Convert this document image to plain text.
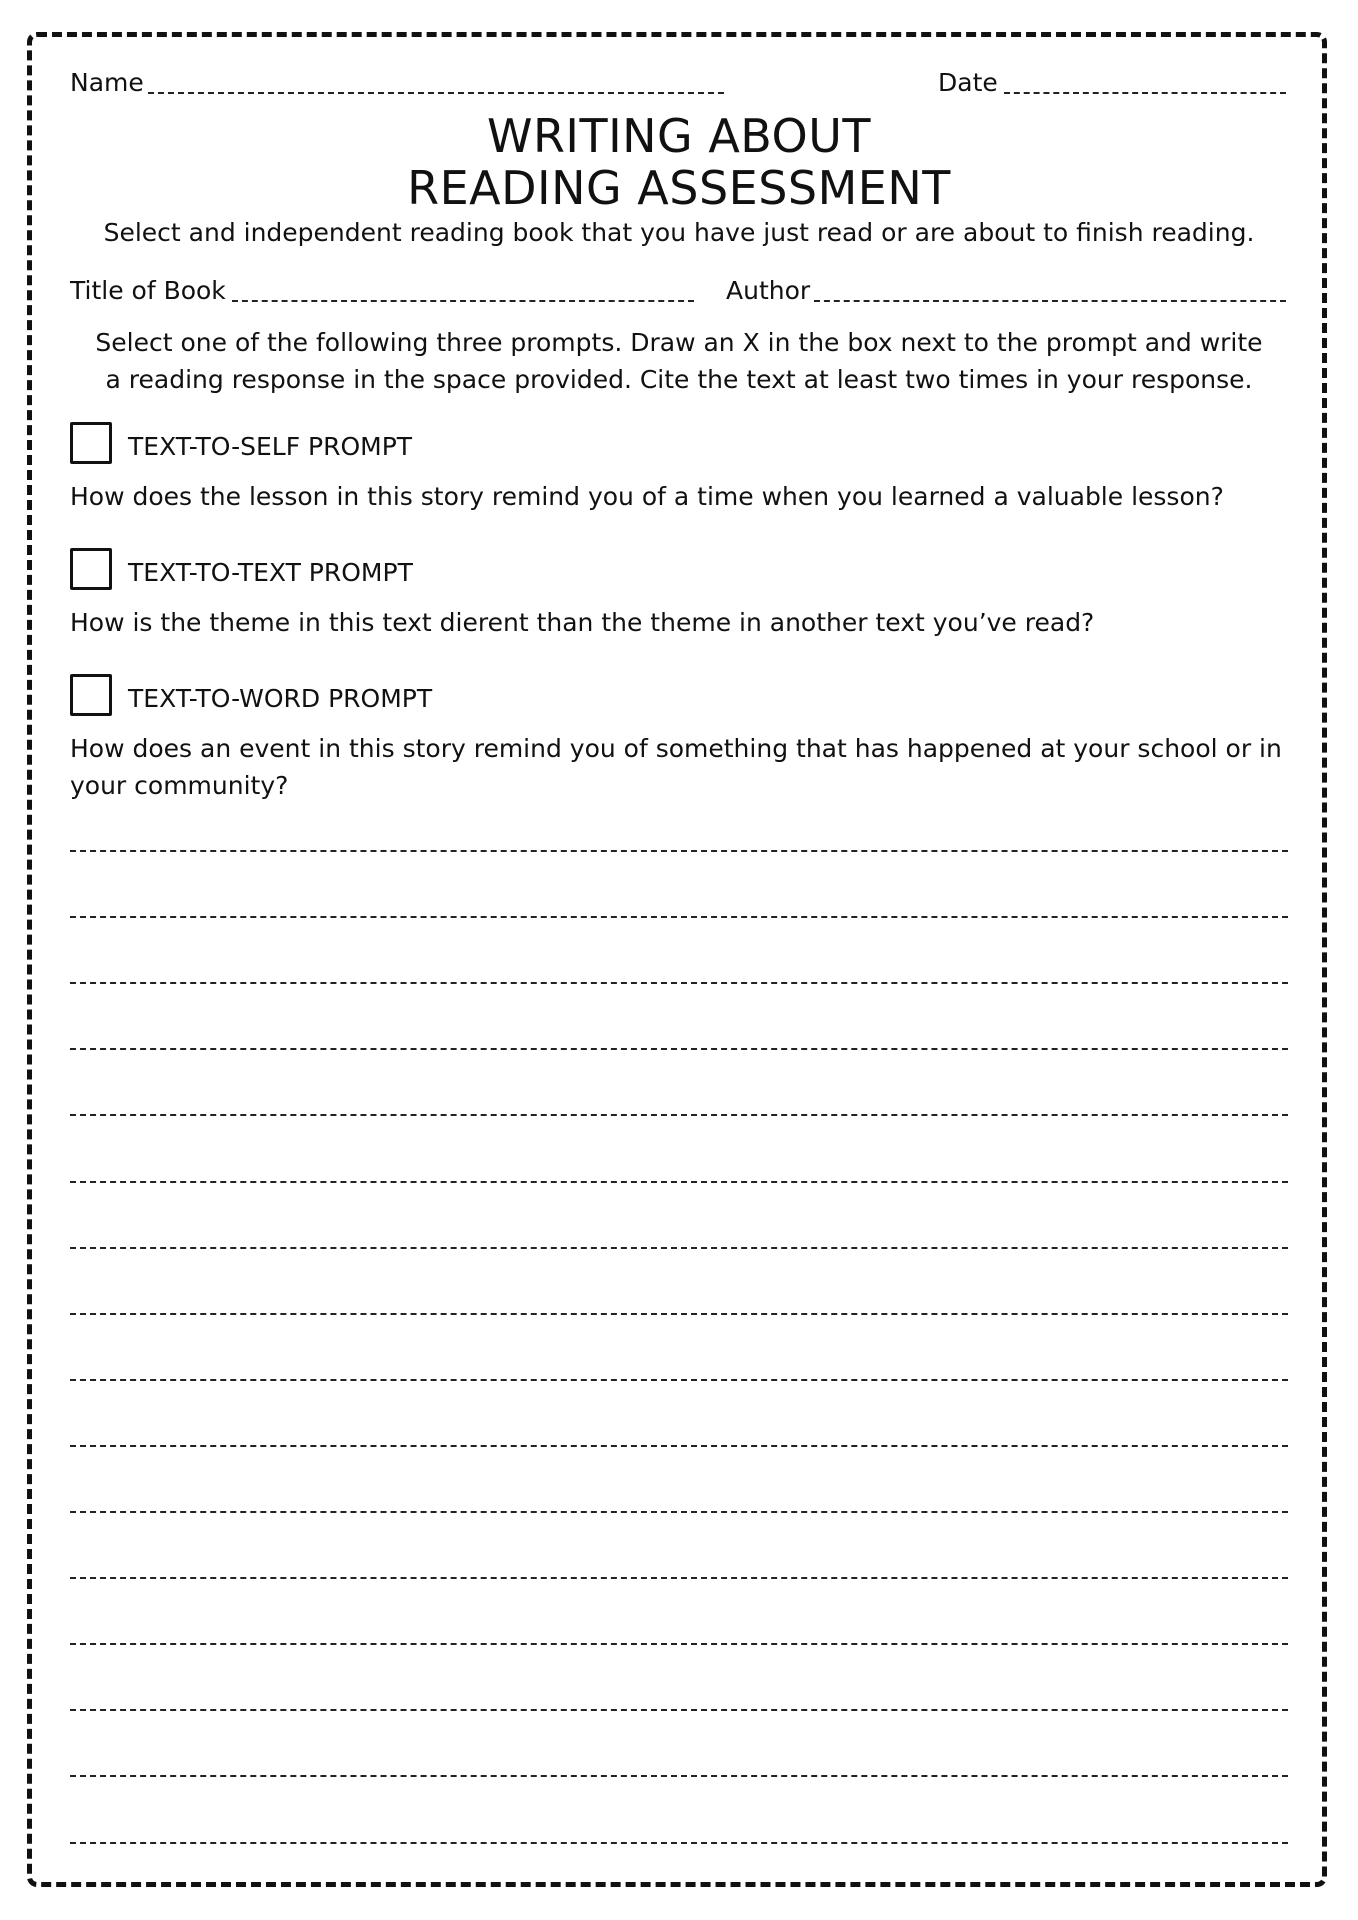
Name	Date
WRITING ABOUT
READING ASSESSMENT
Select and independent reading book that you have just read or are about to finish reading.
Title of Book	Author
Select one of the following three prompts. Draw an X in the box next to the prompt and write
a reading response in the space provided. Cite the text at least two times in your response.
TEXT-TO-SELF PROMPT
How does the lesson in this story remind you of a time when you learned a valuable lesson?
TEXT-TO-TEXT PROMPT
How is the theme in this text dierent than the theme in another text you’ve read?
TEXT-TO-WORD PROMPT
How does an event in this story remind you of something that has happened at your school or in your community?
